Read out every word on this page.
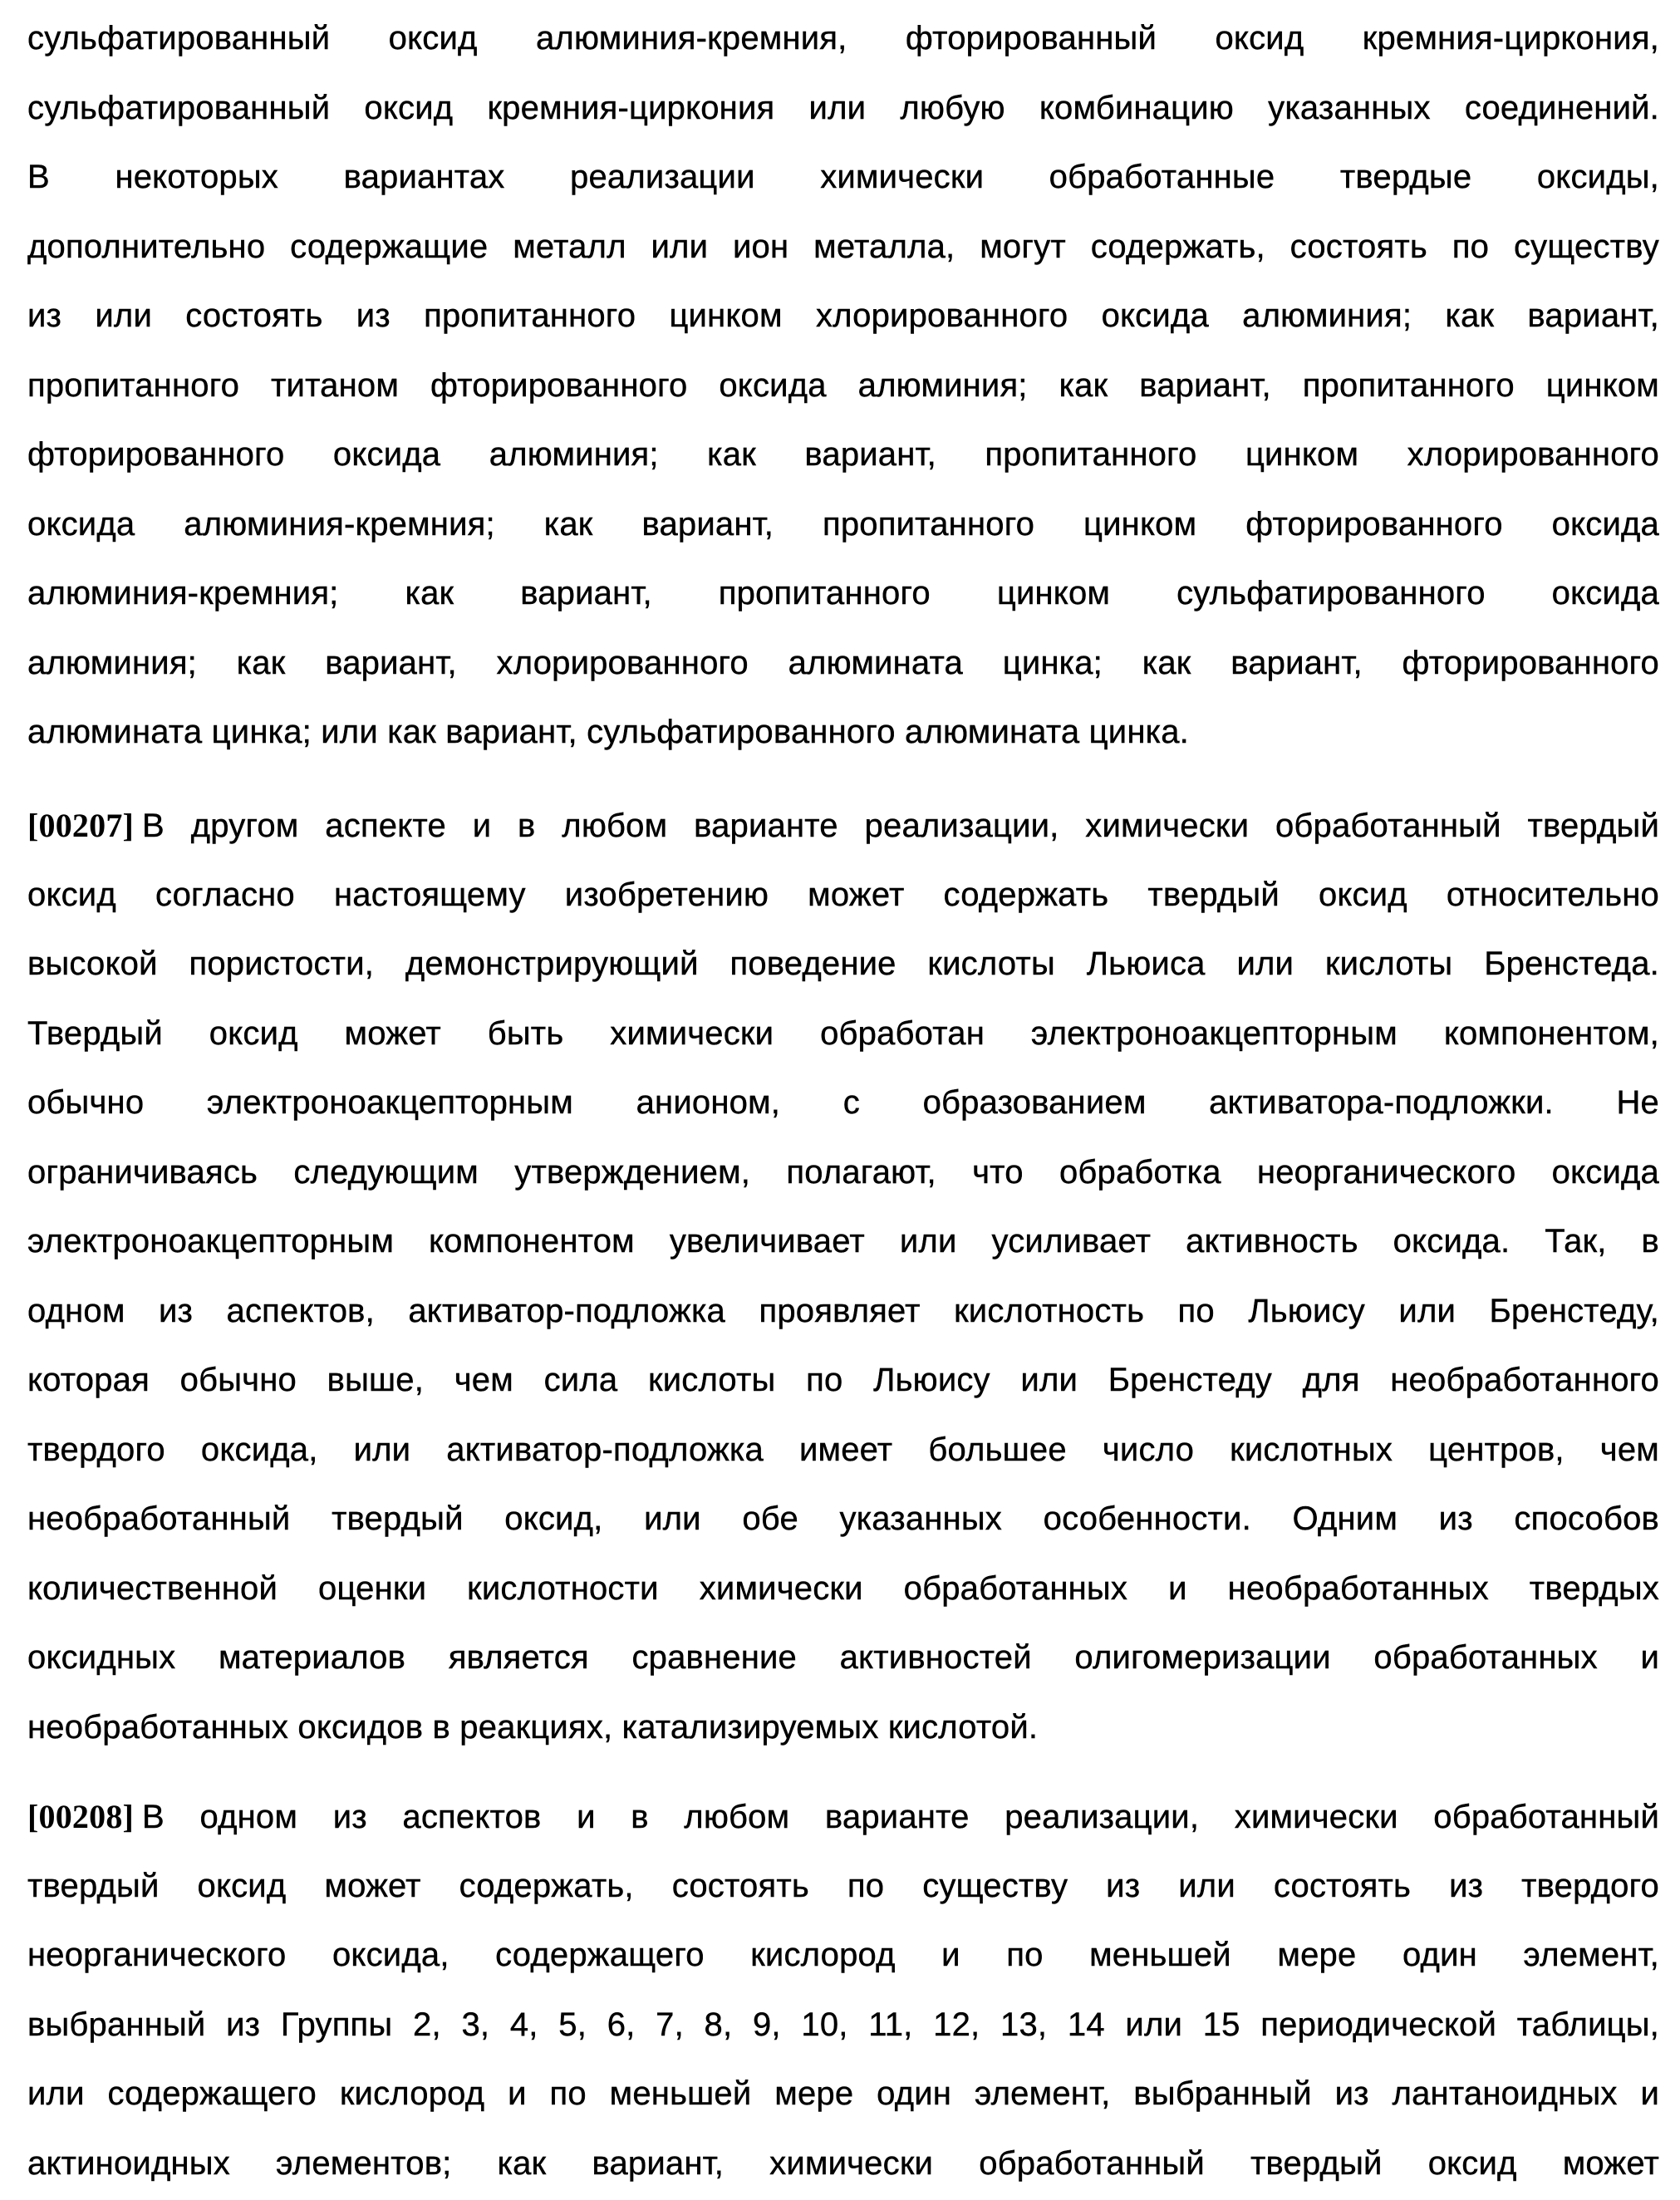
сульфатированный оксид алюминия-кремния, фторированный оксид кремния-циркония,
сульфатированный оксид кремния-циркония или любую комбинацию указанных соединений.
В некоторых вариантах реализации химически обработанные твердые оксиды,
дополнительно содержащие металл или ион металла, могут содержать, состоять по существу
из или состоять из пропитанного цинком хлорированного оксида алюминия; как вариант,
пропитанного титаном фторированного оксида алюминия; как вариант, пропитанного цинком
фторированного оксида алюминия; как вариант, пропитанного цинком хлорированного
оксида алюминия-кремния; как вариант, пропитанного цинком фторированного оксида
алюминия-кремния; как вариант, пропитанного цинком сульфатированного оксида
алюминия; как вариант, хлорированного алюмината цинка; как вариант, фторированного
алюмината цинка; или как вариант, сульфатированного алюмината цинка.
[00207] В другом аспекте и в любом варианте реализации, химически обработанный твердый
оксид согласно настоящему изобретению может содержать твердый оксид относительно
высокой пористости, демонстрирующий поведение кислоты Льюиса или кислоты Бренстеда.
Твердый оксид может быть химически обработан электроноакцепторным компонентом,
обычно электроноакцепторным анионом, с образованием активатора-подложки. Не
ограничиваясь следующим утверждением, полагают, что обработка неорганического оксида
электроноакцепторным компонентом увеличивает или усиливает активность оксида. Так, в
одном из аспектов, активатор-подложка проявляет кислотность по Льюису или Бренстеду,
которая обычно выше, чем сила кислоты по Льюису или Бренстеду для необработанного
твердого оксида, или активатор-подложка имеет большее число кислотных центров, чем
необработанный твердый оксид, или обе указанных особенности. Одним из способов
количественной оценки кислотности химически обработанных и необработанных твердых
оксидных материалов является сравнение активностей олигомеризации обработанных и
необработанных оксидов в реакциях, катализируемых кислотой.
[00208] В одном из аспектов и в любом варианте реализации, химически обработанный
твердый оксид может содержать, состоять по существу из или состоять из твердого
неорганического оксида, содержащего кислород и по меньшей мере один элемент,
выбранный из Группы 2, 3, 4, 5, 6, 7, 8, 9, 10, 11, 12, 13, 14 или 15 периодической таблицы,
или содержащего кислород и по меньшей мере один элемент, выбранный из лантаноидных и
актиноидных элементов; как вариант, химически обработанный твердый оксид может
